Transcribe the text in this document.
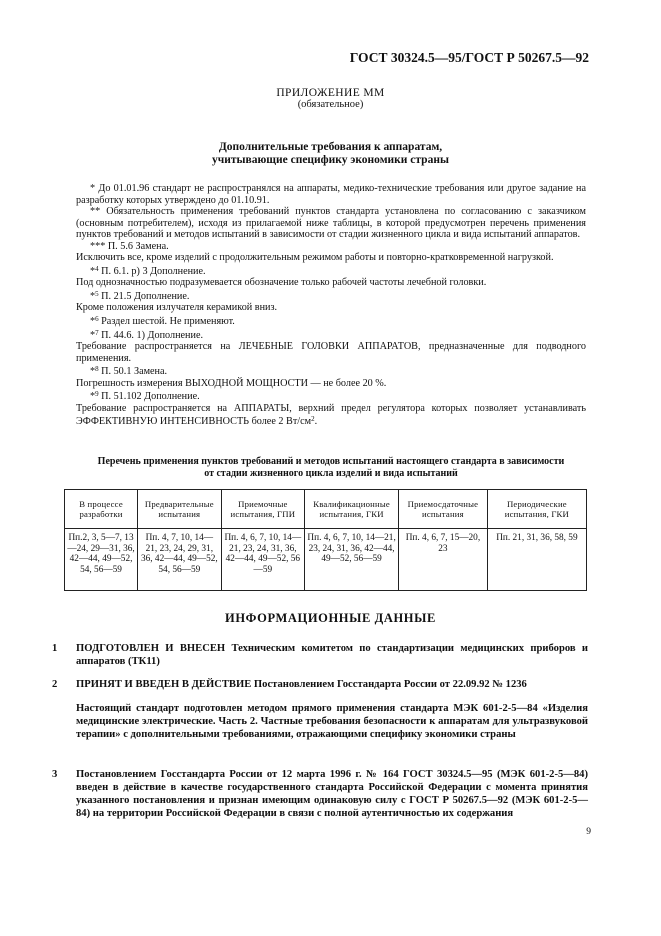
ГОСТ 30324.5—95/ГОСТ Р 50267.5—92
ПРИЛОЖЕНИЕ ММ
(обязательное)
Дополнительные требования к аппаратам,
учитывающие специфику экономики страны

* До 01.01.96 стандарт не распространялся на аппараты, медико-технические требования или другое задание на разработку которых утверждено до 01.10.91.

** Обязательность применения требований пунктов стандарта установлена по согласованию с заказчиком (основным потребителем), исходя из прилагаемой ниже таблицы, в которой предусмотрен перечень применения пунктов требований и методов испытаний в зависимости от стадии жизненного цикла и вида испытаний аппаратов.

*** П. 5.6 Замена.

Исключить все, кроме изделий с продолжительным режимом работы и повторно-кратковременной нагрузкой.

*$^4$ П. 6.1. р) 3 Дополнение.

Под однозначностью подразумевается обозначение только рабочей частоты лечебной головки.

*$^5$ П. 21.5 Дополнение.

Кроме положения излучателя керамикой вниз.

*$^6$ Раздел шестой. Не применяют.

*$^7$ П. 44.6. 1) Дополнение.

Требование распространяется на ЛЕЧЕБНЫЕ ГОЛОВКИ АППАРАТОВ, предназначенные для подводного применения.

*$^8$ П. 50.1 Замена.

Погрешность измерения ВЫХОДНОЙ МОЩНОСТИ — не более 20 %.

*$^9$ П. 51.102 Дополнение.

Требование распространяется на АППАРАТЫ, верхний предел регулятора которых позволяет устанавливать ЭФФЕКТИВНУЮ ИНТЕНСИВНОСТЬ более 2 $Вт/см^2$.

Перечень применения пунктов требований и методов испытаний настоящего стандарта в зависимости
от стадии жизненного цикла изделий и вида испытаний
В процессе разработки	Предварительные испытания	Приемочные испытания, ГПИ	Квалификационные испытания, ГКИ	Приемосдаточные испытания	Периодические испытания, ГКИ
Пп.2, 3, 5—7, 13—24, 29—31, 36, 42—44, 49—52, 54, 56—59	Пп. 4, 7, 10, 14—21, 23, 24, 29, 31, 36, 42—44, 49—52, 54, 56—59	Пп. 4, 6, 7, 10, 14—21, 23, 24, 31, 36, 42—44, 49—52, 56—59	Пп. 4, 6, 7, 10, 14—21, 23, 24, 31, 36, 42—44, 49—52, 56—59	Пп. 4, 6, 7, 15—20, 23	Пп. 21, 31, 36, 58, 59
ИНФОРМАЦИОННЫЕ ДАННЫЕ

1 ПОДГОТОВЛЕН И ВНЕСЕН Техническим комитетом по стандартизации медицинских приборов и аппаратов (ТК11)

2 ПРИНЯТ И ВВЕДЕН В ДЕЙСТВИЕ Постановлением Госстандарта России от 22.09.92 № 1236

Настоящий стандарт подготовлен методом прямого применения стандарта МЭК 601-2-5—84 «Изделия медицинские электрические. Часть 2. Частные требования безопасности к аппаратам для ультразвуковой терапии» с дополнительными требованиями, отражающими специфику экономики страны

3 Постановлением Госстандарта России от 12 марта 1996 г. № 164 ГОСТ 30324.5—95 (МЭК 601-2-5—84) введен в действие в качестве государственного стандарта Российской Федерации с момента принятия указанного постановления и признан имеющим одинаковую силу с ГОСТ Р 50267.5—92 (МЭК 601-2-5—84) на территории Российской Федерации в связи с полной аутентичностью их содержания

9
